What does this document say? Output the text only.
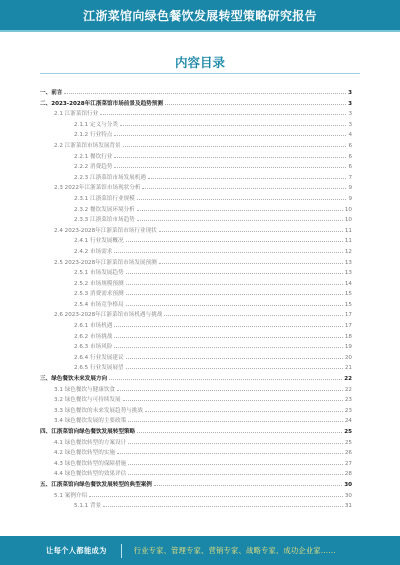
江浙菜馆向绿色餐饮发展转型策略研究报告
内容目录
一、前言	3
二、2023-2028年江浙菜馆市场前景及趋势预测	3
2.1 江浙菜馆行业	3
2.1.1 定义与分类	3
2.1.2 行业特点	4
2.2 江浙菜馆市场发展背景	6
2.2.1 餐饮行业	6
2.2.2 消费趋势	6
2.2.3 江浙菜馆市场发展机遇	7
2.3 2022年江浙菜馆市场现状分析	9
2.3.1 江浙菜馆行业规模	9
2.3.2 餐饮发展环境分析	10
2.3.3 江浙菜馆市场趋势	10
2.4 2023-2028年江浙菜馆市场行业现状	11
2.4.1 行业发展概况	11
2.4.2 市场需求	12
2.5 2023-2028年江浙菜馆市场发展预测	13
2.5.1 市场发展趋势	13
2.5.2 市场规模预测	14
2.5.3 消费需求预测	15
2.5.4 市场竞争格局	15
2.6 2023-2028年江浙菜馆市场机遇与挑战	17
2.6.1 市场机遇	17
2.6.2 市场挑战	18
2.6.3 市场风险	19
2.6.4 行业发展建议	20
2.6.5 行业发展展望	21
三、绿色餐饮未来发展方向	22
3.1 绿色餐饮与健康饮食	22
3.2 绿色餐饮与可持续发展	23
3.3 绿色餐饮的未来发展趋势与挑战	23
3.4 绿色餐饮发展的主要政策	24
四、江浙菜馆向绿色餐饮发展转型策略	25
4.1 绿色餐饮转型的方案设计	25
4.2 绿色餐饮转型的实施	26
4.3 绿色餐饮转型的保障措施	27
4.4 绿色餐饮转型的效果评估	28
五、江浙菜馆向绿色餐饮发展转型的典型案例	30
5.1 案例介绍	30
5.1.1 背景	31
让每个人都能成为	行业专家、管理专家、营销专家、战略专家、成功企业家……
